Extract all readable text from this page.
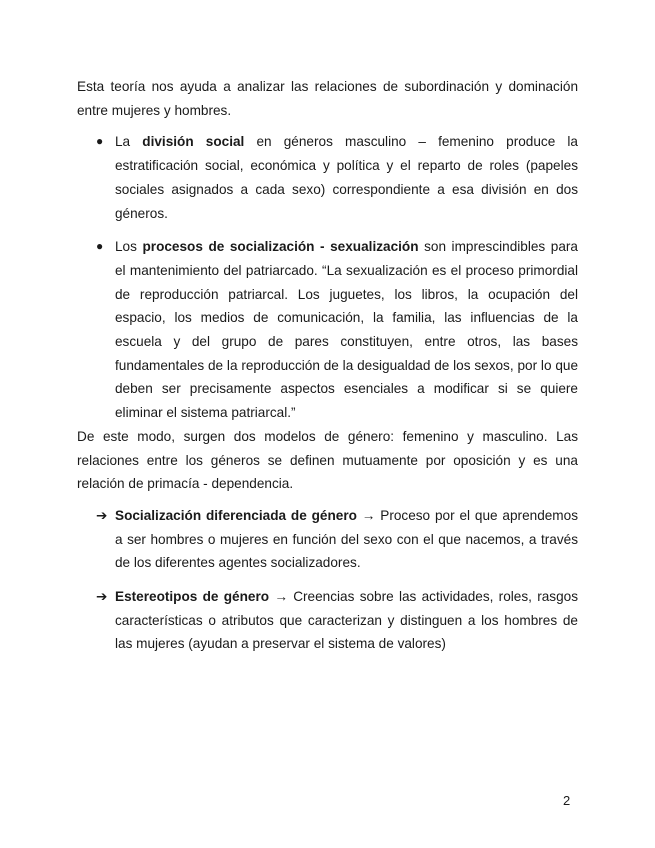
Esta teoría nos ayuda a analizar las relaciones de subordinación y dominación entre mujeres y hombres.

● La división social en géneros masculino – femenino produce la estratificación social, económica y política y el reparto de roles (papeles sociales asignados a cada sexo) correspondiente a esa división en dos géneros.
● Los procesos de socialización - sexualización son imprescindibles para el mantenimiento del patriarcado. “La sexualización es el proceso primordial de reproducción patriarcal. Los juguetes, los libros, la ocupación del espacio, los medios de comunicación, la familia, las influencias de la escuela y del grupo de pares constituyen, entre otros, las bases fundamentales de la reproducción de la desigualdad de los sexos, por lo que deben ser precisamente aspectos esenciales a modificar si se quiere eliminar el sistema patriarcal.”

De este modo, surgen dos modelos de género: femenino y masculino. Las relaciones entre los géneros se definen mutuamente por oposición y es una relación de primacía - dependencia.

➔ Socialización diferenciada de género → Proceso por el que aprendemos a ser hombres o mujeres en función del sexo con el que nacemos, a través de los diferentes agentes socializadores.
➔ Estereotipos de género → Creencias sobre las actividades, roles, rasgos características o atributos que caracterizan y distinguen a los hombres de las mujeres (ayudan a preservar el sistema de valores)
2
